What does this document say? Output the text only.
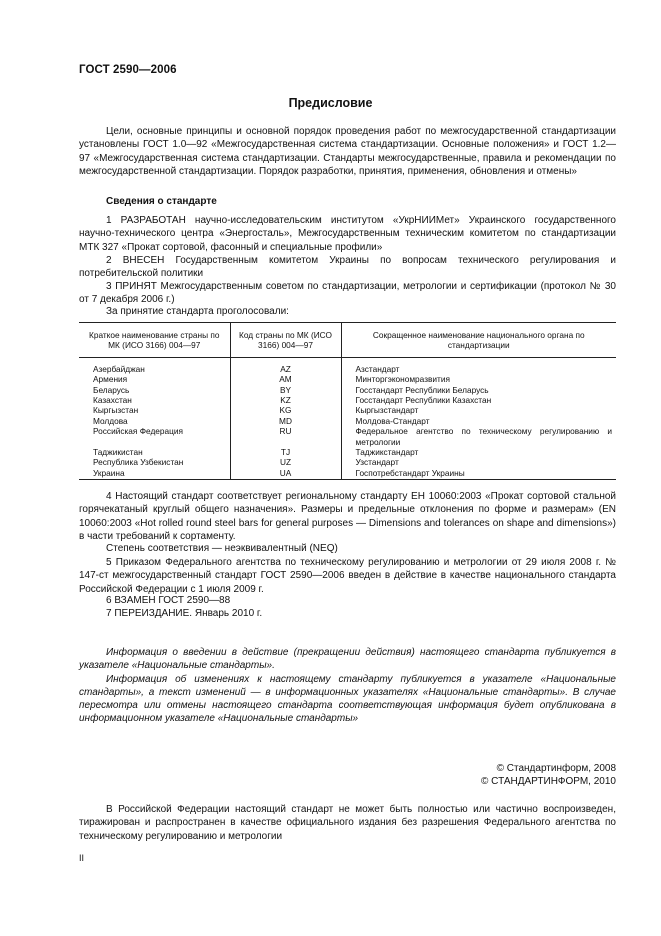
ГОСТ 2590—2006
Предисловие

Цели, основные принципы и основной порядок проведения работ по межгосударственной стандартизации установлены ГОСТ 1.0—92 «Межгосударственная система стандартизации. Основные положения» и ГОСТ 1.2—97 «Межгосударственная система стандартизации. Стандарты межгосударственные, правила и рекомендации по межгосударственной стандартизации. Порядок разработки, принятия, применения, обновления и отмены»

Сведения о стандарте

1 РАЗРАБОТАН научно-исследовательским институтом «УкрНИИМет» Украинского государственного научно-технического центра «Энергосталь», Межгосударственным техническим комитетом по стандартизации МТК 327 «Прокат сортовой, фасонный и специальные профили»

2 ВНЕСЕН Государственным комитетом Украины по вопросам технического регулирования и потребительской политики

3 ПРИНЯТ Межгосударственным советом по стандартизации, метрологии и сертификации (протокол № 30 от 7 декабря 2006 г.)

За принятие стандарта проголосовали:
Краткое наименование страны по МК (ИСО 3166) 004—97	Код страны по МК (ИСО 3166) 004—97	Сокращенное наименование национального органа по стандартизации
Азербайджан	AZ	Азстандарт
Армения	AM	Минторгэкономразвития
Беларусь	BY	Госстандарт Республики Беларусь
Казахстан	KZ	Госстандарт Республики Казахстан
Кыргызстан	KG	Кыргызстандарт
Молдова	MD	Молдова-Стандарт
Российская Федерация	RU	Федеральное агентство по техническому регулированию и метрологии
Таджикистан	TJ	Таджикстандарт
Республика Узбекистан	UZ	Узстандарт
Украина	UA	Госпотребстандарт Украины

4 Настоящий стандарт соответствует региональному стандарту ЕН 10060:2003 «Прокат сортовой стальной горячекатаный круглый общего назначения». Размеры и предельные отклонения по форме и размерам» (EN 10060:2003 «Hot rolled round steel bars for general purposes — Dimensions and tolerances on shape and dimensions») в части требований к сортаменту.

Степень соответствия — неэквивалентный (NEQ)

5 Приказом Федерального агентства по техническому регулированию и метрологии от 29 июля 2008 г. № 147-ст межгосударственный стандарт ГОСТ 2590—2006 введен в действие в качестве национального стандарта Российской Федерации с 1 июля 2009 г.

6 ВЗАМЕН ГОСТ 2590—88
7 ПЕРЕИЗДАНИЕ. Январь 2010 г.

Информация о введении в действие (прекращении действия) настоящего стандарта публикуется в указателе «Национальные стандарты».

Информация об изменениях к настоящему стандарту публикуется в указателе «Национальные стандарты», а текст изменений — в информационных указателях «Национальные стандарты». В случае пересмотра или отмены настоящего стандарта соответствующая информация будет опубликована в информационном указателе «Национальные стандарты»

© Стандартинформ, 2008
© СТАНДАРТИНФОРМ, 2010

В Российской Федерации настоящий стандарт не может быть полностью или частично воспроизведен, тиражирован и распространен в качестве официального издания без разрешения Федерального агентства по техническому регулированию и метрологии

II
